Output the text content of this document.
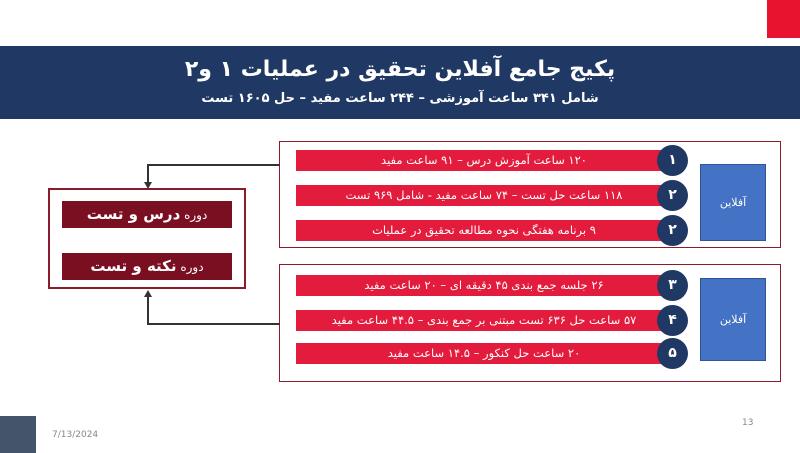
پکیج جامع آفلاین تحقیق در عملیات ۱ و۲
شامل ۳۴۱ ساعت آموزشی – ۲۴۴ ساعت مفید – حل ۱۶۰۵ تست
۱۲۰ ساعت آموزش درس – ۹۱ ساعت مفید	۱
۱۱۸ ساعت حل تست – ۷۴ ساعت مفید - شامل ۹۶۹ تست	۲
۹ برنامه هفتگی نحوه مطالعه تحقیق در عملیات	۲
آفلاین
۲۶ جلسه جمع بندی ۴۵ دقیقه ای – ۲۰ ساعت مفید	۳
۵۷ ساعت حل ۶۳۶ تست مبتنی بر جمع بندی – ۴۴.۵ ساعت مفید	۴
۲۰ ساعت حل کنکور – ۱۴.۵ ساعت مفید	۵
آفلاین
دوره درس و تست
دوره نکته و تست
7/13/2024
13
